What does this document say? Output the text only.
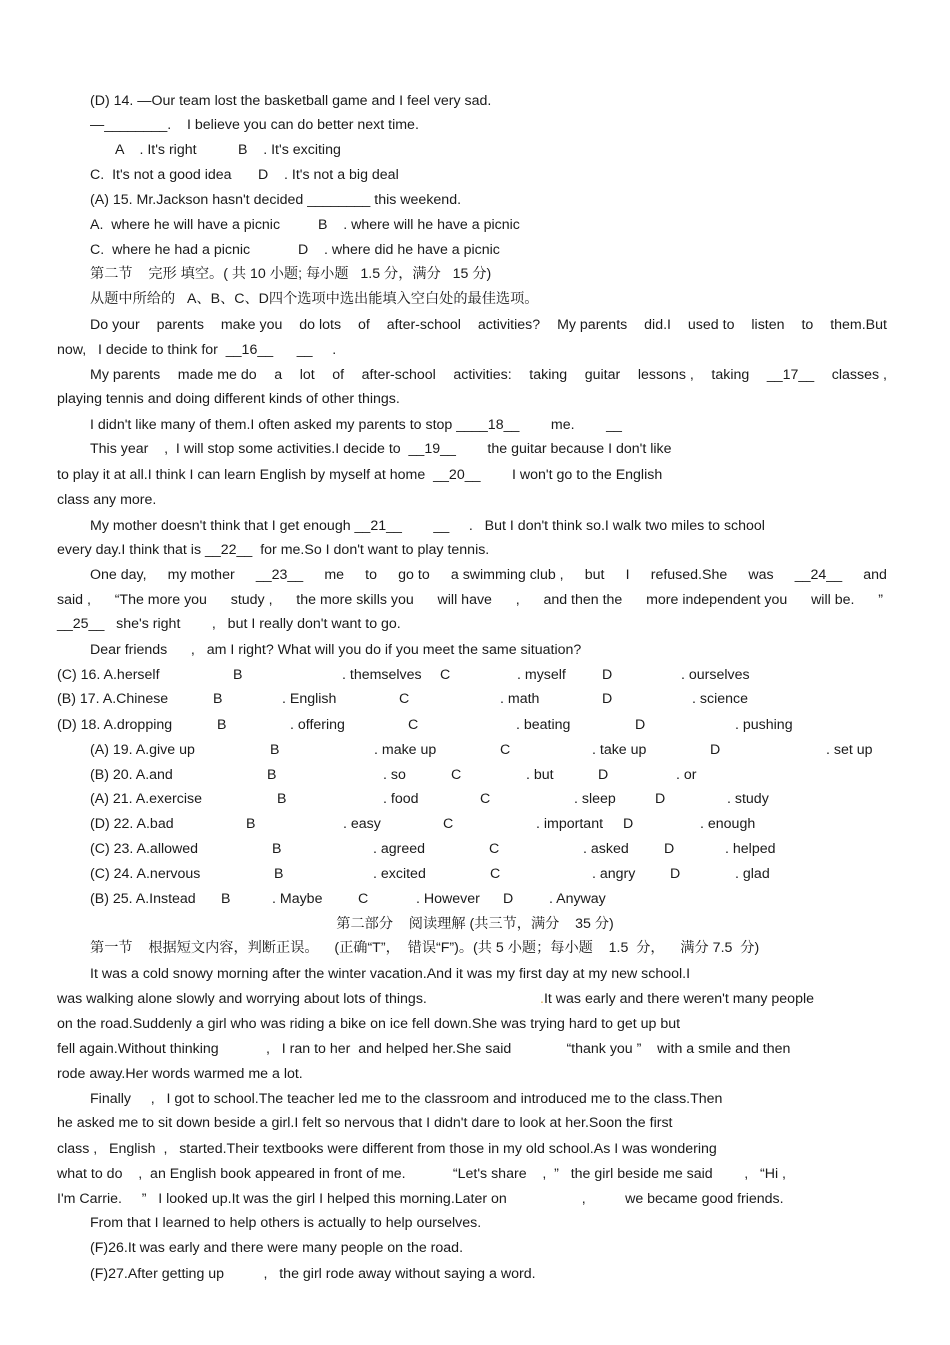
(D) 14. —Our team lost the basketball game and I feel very sad.
—________.    I believe you can do better next time.

A    . It's right

	B    . It's exciting

C.  It's not a good idea

D    . It's not a big deal

(A) 15. Mr.Jackson hasn't decided ________ this weekend.

A.  where he will have a picnic

	B    . where will he have a picnic

C.  where he had a picnic

	D    . where did he have a picnic

第二节    完形 填空。( 共 10 小题; 每小题   1.5 分，满分   15 分)
从题中所给的   A、B、C、D四个选项中选出能填入空白处的最佳选项。
Do your parents make you do lots of after-school activities? My parents did.I used to listen to them.But
now,   I decide to think for  __16__      __     .
My parents made me do a lot of after-school activities: taking guitar lessons , taking __17__ classes ,
playing tennis and doing different kinds of other things.
I didn't like many of them.I often asked my parents to stop ____18__        me.        __
This year    ,  I will stop some activities.I decide to  __19__        the guitar because I don't like
to play it at all.I think I can learn English by myself at home  __20__        I won't go to the English
class any more.
My mother doesn't think that I get enough __21__        __     .   But I don't think so.I walk two miles to school
every day.I think that is __22__  for me.So I don't want to play tennis.
One day, my mother __23__ me to go to a swimming club , but I refused.She was __24__ and
said , “The more you study , the more skills you will have , and then the more independent you will be. ”
__25__   she's right        ,   but I really don't want to go.
Dear friends      ,   am I right? What will you do if you meet the same situation?
(C) 16. A.herself	B	. themselves C	. myself	D	. ourselves
(B) 17. A.Chinese	B	. English	C	. math	D	. science
(D) 18. A.dropping	B	. offering	C	. beating	D	. pushing
(A) 19. A.give up	B	. make up	C	. take up	D	. set up
(B) 20. A.and	B	. so	C	. but	D	. or
(A) 21. A.exercise	B	. food	C	. sleep	D	. study
(D) 22. A.bad	B	. easy	C	. important D	. enough
(C) 23. A.allowed	B	. agreed	C	. asked D	. helped
(C) 24. A.nervous	B	. excited	C	. angry D	. glad
(B) 25. A.Instead B	. Maybe	C	. However D	. Anyway
第二部分    阅读理解 (共三节，满分    35 分)
第一节    根据短文内容，判断正误。    (正确“T”，  错误“F”)。(共 5 小题；每小题    1.5  分，    满分 7.5  分)
It was a cold snowy morning after the winter vacation.And it was my first day at my new school.I
was walking alone slowly and worrying about lots of things.	.It was early and there weren't many people
on the road.Suddenly a girl who was riding a bike on ice fell down.She was trying hard to get up but
fell again.Without thinking            ,   I ran to her  and helped her.She said              “thank you ”    with a smile and then
rode away.Her words warmed me a lot.
Finally     ,   I got to school.The teacher led me to the classroom and introduced me to the class.Then
he asked me to sit down beside a girl.I felt so nervous that I didn't dare to look at her.Soon the first
class ,   English  ,   started.Their textbooks were different from those in my old school.As I was wondering
what to do    ,  an English book appeared in front of me.            “Let's share    ,  ”   the girl beside me said        ,   “Hi ,
I'm Carrie.     ”   I looked up.It was the girl I helped this morning.Later on                   ,          we became good friends.
From that I learned to help others is actually to help ourselves.
(F)26.It was early and there were many people on the road.
(F)27.After getting up          ,   the girl rode away without saying a word.
